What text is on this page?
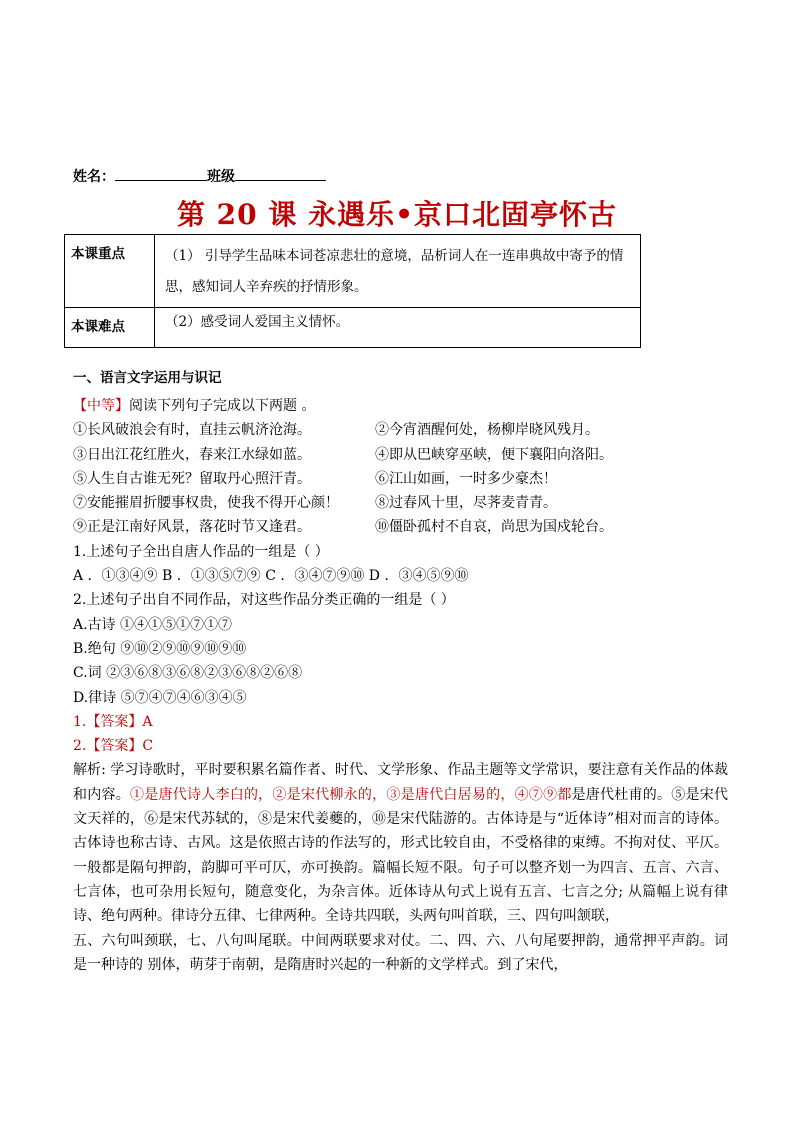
姓名：	班级
第 20 课 永遇乐•京口北固亭怀古
本课重点	（1） 引导学生品味本词苍凉悲壮的意境，品析词人在一连串典故中寄予的情思，感知词人辛弃疾的抒情形象。
本课难点	（2）感受词人爱国主义情怀。
一、语言文字运用与识记
【中等】阅读下列句子完成以下两题 。
①长风破浪会有时，直挂云帆济沧海。	②今宵酒醒何处，杨柳岸晓风残月。
③日出江花红胜火，春来江水绿如蓝。	④即从巴峡穿巫峡，便下襄阳向洛阳。
⑤人生自古谁无死？留取丹心照汗青。	⑥江山如画，一时多少豪杰！
⑦安能摧眉折腰事权贵，使我不得开心颜！	⑧过春风十里，尽荠麦青青。
⑨正是江南好风景，落花时节又逢君。	⑩僵卧孤村不自哀，尚思为国戍轮台。
1.上述句子全出自唐人作品的一组是（ ）
A ．①③④⑨ B ．①③⑤⑦⑨ C ．③④⑦⑨⑩ D ．③④⑤⑨⑩
2.上述句子出自不同作品，对这些作品分类正确的一组是（ ）
A.古诗 ①④①⑤①⑦①⑦
B.绝句 ⑨⑩②⑨⑩⑨⑩⑨⑩
C.词 ②③⑥⑧③⑥⑧②③⑥⑧②⑥⑧
D.律诗 ⑤⑦④⑦④⑥③④⑤
1.【答案】A
2.【答案】C
解析: 学习诗歌时，平时要积累名篇作者、时代、文学形象、作品主题等文学常识，要注意有关作品的体裁和内容。①是唐代诗人李白的，②是宋代柳永的，③是唐代白居易的，④⑦⑨都是唐代杜甫的。⑤是宋代文天祥的，⑥是宋代苏轼的，⑧是宋代姜夔的，⑩是宋代陆游的。古体诗是与“近体诗”相对而言的诗体。古体诗也称古诗、古风。这是依照古诗的作法写的，形式比较自由，不受格律的束缚。不拘对仗、平仄。一般都是隔句押韵，韵脚可平可仄，亦可换韵。篇幅长短不限。句子可以整齐划一为四言、五言、六言、七言体，也可杂用长短句，随意变化，为杂言体。近体诗从句式上说有五言、七言之分; 从篇幅上说有律诗、绝句两种。律诗分五律、七律两种。全诗共四联，头两句叫首联，三、四句叫颔联，
五、六句叫颈联，七、八句叫尾联。中间两联要求对仗。二、四、六、八句尾要押韵，通常押平声韵。词是一种诗的 别体，萌芽于南朝，是隋唐时兴起的一种新的文学样式。到了宋代，
